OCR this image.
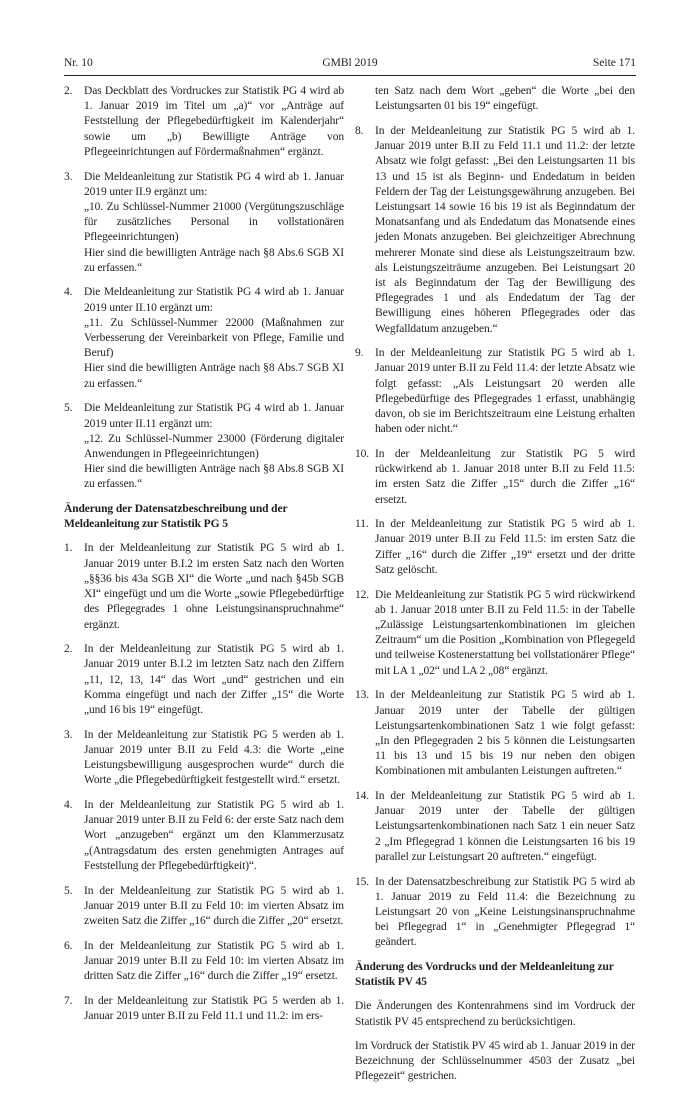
Nr. 10	GMBl 2019	Seite 171
2.	Das Deckblatt des Vordruckes zur Statistik PG 4 wird ab 1. Januar 2019 im Titel um „a)“ vor „Anträge auf Feststellung der Pflegebedürftigkeit im Kalenderjahr“ sowie um „b) Bewilligte Anträge von Pflegeeinrichtungen auf Fördermaßnahmen“ ergänzt.
3.	Die Meldeanleitung zur Statistik PG 4 wird ab 1. Januar 2019 unter II.9 ergänzt um:
„10. Zu Schlüssel-Nummer 21000 (Vergütungszuschläge für zusätzliches Personal in vollstationären Pflegeeinrichtungen)
Hier sind die bewilligten Anträge nach §8 Abs.6 SGB XI zu erfassen.“
4.	Die Meldeanleitung zur Statistik PG 4 wird ab 1. Januar 2019 unter II.10 ergänzt um:
„11. Zu Schlüssel-Nummer 22000 (Maßnahmen zur Verbesserung der Vereinbarkeit von Pflege, Familie und Beruf)
Hier sind die bewilligten Anträge nach §8 Abs.7 SGB XI zu erfassen.“
5.	Die Meldeanleitung zur Statistik PG 4 wird ab 1. Januar 2019 unter II.11 ergänzt um:
„12. Zu Schlüssel-Nummer 23000 (Förderung digitaler Anwendungen in Pflegeeinrichtungen)
Hier sind die bewilligten Anträge nach §8 Abs.8 SGB XI zu erfassen.“
Änderung der Datensatzbeschreibung und der Meldeanleitung zur Statistik PG 5
1.	In der Meldeanleitung zur Statistik PG 5 wird ab 1. Januar 2019 unter B.I.2 im ersten Satz nach den Worten „§§36 bis 43a SGB XI“ die Worte „und nach §45b SGB XI“ eingefügt und um die Worte „sowie Pflegebedürftige des Pflegegrades 1 ohne Leistungsinanspruchnahme“ ergänzt.
2.	In der Meldeanleitung zur Statistik PG 5 wird ab 1. Januar 2019 unter B.I.2 im letzten Satz nach den Ziffern „11, 12, 13, 14“ das Wort „und“ gestrichen und ein Komma eingefügt und nach der Ziffer „15“ die Worte „und 16 bis 19“ eingefügt.
3.	In der Meldeanleitung zur Statistik PG 5 werden ab 1. Januar 2019 unter B.II zu Feld 4.3: die Worte „eine Leistungsbewilligung ausgesprochen wurde“ durch die Worte „die Pflegebedürftigkeit festgestellt wird.“ ersetzt.
4.	In der Meldeanleitung zur Statistik PG 5 wird ab 1. Januar 2019 unter B.II zu Feld 6: der erste Satz nach dem Wort „anzugeben“ ergänzt um den Klammerzusatz „(Antragsdatum des ersten genehmigten Antrages auf Feststellung der Pflegebedürftigkeit)“.
5.	In der Meldeanleitung zur Statistik PG 5 wird ab 1. Januar 2019 unter B.II zu Feld 10: im vierten Absatz im zweiten Satz die Ziffer „16“ durch die Ziffer „20“ ersetzt.
6.	In der Meldeanleitung zur Statistik PG 5 wird ab 1. Januar 2019 unter B.II zu Feld 10: im vierten Absatz im dritten Satz die Ziffer „16“ durch die Ziffer „19“ ersetzt.
7.	In der Meldeanleitung zur Statistik PG 5 werden ab 1. Januar 2019 unter B.II zu Feld 11.1 und 11.2: im ers-
ten Satz nach dem Wort „geben“ die Worte „bei den Leistungsarten 01 bis 19“ eingefügt.
8.	In der Meldeanleitung zur Statistik PG 5 wird ab 1. Januar 2019 unter B.II zu Feld 11.1 und 11.2: der letzte Absatz wie folgt gefasst: „Bei den Leistungsarten 11 bis 13 und 15 ist als Beginn- und Endedatum in beiden Feldern der Tag der Leistungsgewährung anzugeben. Bei Leistungsart 14 sowie 16 bis 19 ist als Beginndatum der Monatsanfang und als Endedatum das Monatsende eines jeden Monats anzugeben. Bei gleichzeitiger Abrechnung mehrerer Monate sind diese als Leistungszeitraum bzw. als Leistungszeiträume anzugeben. Bei Leistungsart 20 ist als Beginndatum der Tag der Bewilligung des Pflegegrades 1 und als Endedatum der Tag der Bewilligung eines höheren Pflegegrades oder das Wegfalldatum anzugeben.“
9.	In der Meldeanleitung zur Statistik PG 5 wird ab 1. Januar 2019 unter B.II zu Feld 11.4: der letzte Absatz wie folgt gefasst: „Als Leistungsart 20 werden alle Pflegebedürftige des Pflegegrades 1 erfasst, unabhängig davon, ob sie im Berichtszeitraum eine Leistung erhalten haben oder nicht.“
10. In der Meldeanleitung zur Statistik PG 5 wird rückwirkend ab 1. Januar 2018 unter B.II zu Feld 11.5: im ersten Satz die Ziffer „15“ durch die Ziffer „16“ ersetzt.
11. In der Meldeanleitung zur Statistik PG 5 wird ab 1. Januar 2019 unter B.II zu Feld 11.5: im ersten Satz die Ziffer „16“ durch die Ziffer „19“ ersetzt und der dritte Satz gelöscht.
12. Die Meldeanleitung zur Statistik PG 5 wird rückwirkend ab 1. Januar 2018 unter B.II zu Feld 11.5: in der Tabelle „Zulässige Leistungsartenkombinationen im gleichen Zeitraum“ um die Position „Kombination von Pflegegeld und teilweise Kostenerstattung bei vollstationärer Pflege“ mit LA 1 „02“ und LA 2 „08“ ergänzt.
13. In der Meldeanleitung zur Statistik PG 5 wird ab 1. Januar 2019 unter der Tabelle der gültigen Leistungsartenkombinationen Satz 1 wie folgt gefasst: „In den Pflegegraden 2 bis 5 können die Leistungsarten 11 bis 13 und 15 bis 19 nur neben den obigen Kombinationen mit ambulanten Leistungen auftreten.“
14. In der Meldeanleitung zur Statistik PG 5 wird ab 1. Januar 2019 unter der Tabelle der gültigen Leistungsartenkombinationen nach Satz 1 ein neuer Satz 2 „Im Pflegegrad 1 können die Leistungsarten 16 bis 19 parallel zur Leistungsart 20 auftreten.“ eingefügt.
15. In der Datensatzbeschreibung zur Statistik PG 5 wird ab 1. Januar 2019 zu Feld 11.4: die Bezeichnung zu Leistungsart 20 von „Keine Leistungsinanspruchnahme bei Pflegegrad 1“ in „Genehmigter Pflegegrad 1“ geändert.
Änderung des Vordrucks und der Meldeanleitung zur Statistik PV 45

Die Änderungen des Kontenrahmens sind im Vordruck der Statistik PV 45 entsprechend zu berücksichtigen.

Im Vordruck der Statistik PV 45 wird ab 1. Januar 2019 in der Bezeichnung der Schlüsselnummer 4503 der Zusatz „bei Pflegezeit“ gestrichen.
